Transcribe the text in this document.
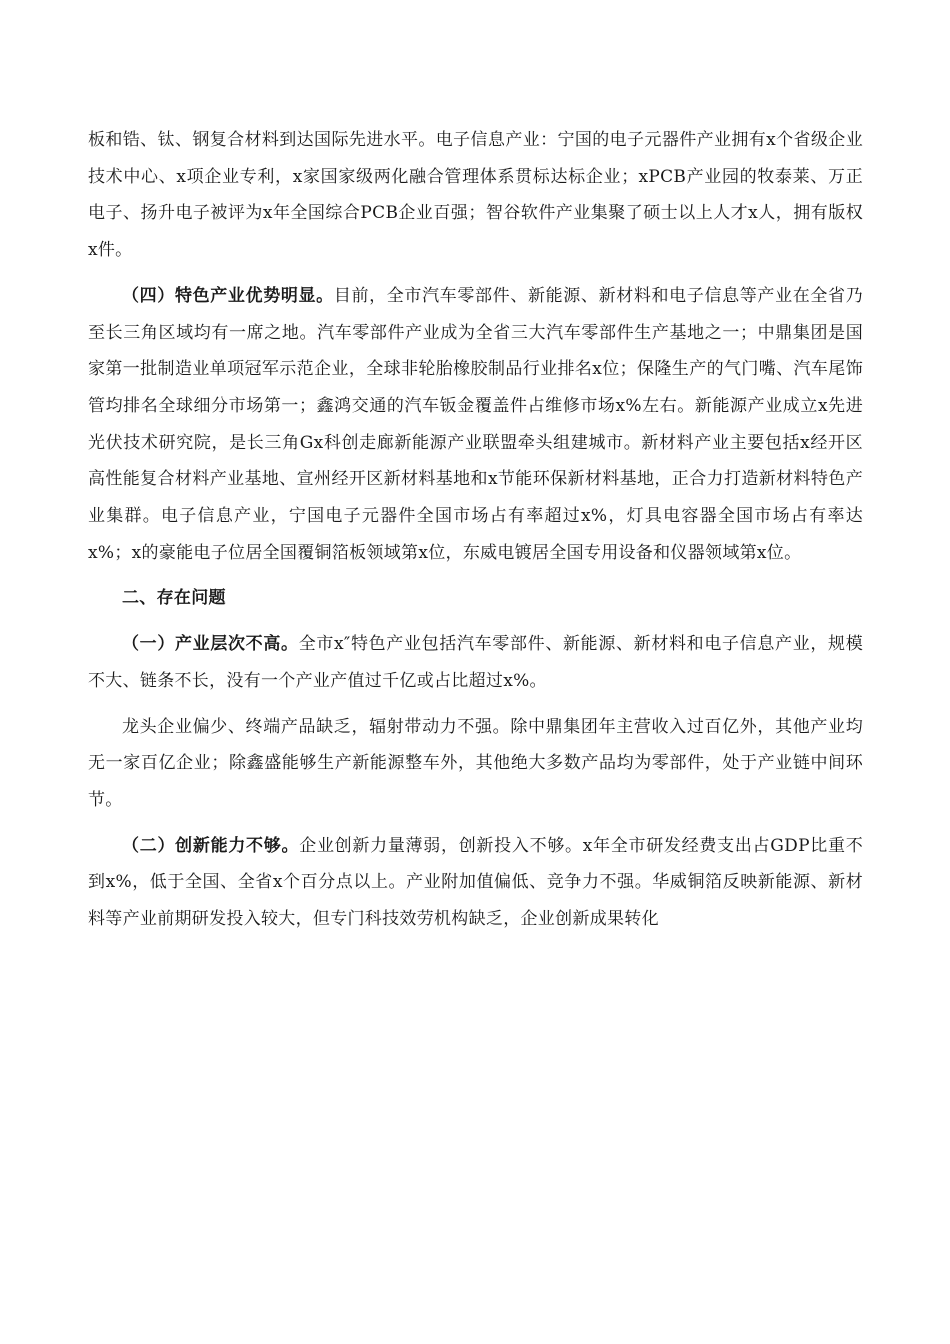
板和锆、钛、钢复合材料到达国际先进水平。电子信息产业：宁国的电子元器件产业拥有x个省级企业技术中心、x项企业专利，x家国家级两化融合管理体系贯标达标企业；xPCB产业园的牧泰莱、万正电子、扬升电子被评为x年全国综合PCB企业百强；智谷软件产业集聚了硕士以上人才x人，拥有版权x件。

（四）特色产业优势明显。目前，全市汽车零部件、新能源、新材料和电子信息等产业在全省乃至长三角区域均有一席之地。汽车零部件产业成为全省三大汽车零部件生产基地之一；中鼎集团是国家第一批制造业单项冠军示范企业，全球非轮胎橡胶制品行业排名x位；保隆生产的气门嘴、汽车尾饰管均排名全球细分市场第一；鑫鸿交通的汽车钣金覆盖件占维修市场x%左右。新能源产业成立x先进光伏技术研究院，是长三角Gx科创走廊新能源产业联盟牵头组建城市。新材料产业主要包括x经开区高性能复合材料产业基地、宣州经开区新材料基地和x节能环保新材料基地，正合力打造新材料特色产业集群。电子信息产业，宁国电子元器件全国市场占有率超过x%，灯具电容器全国市场占有率达x%；x的豪能电子位居全国覆铜箔板领域第x位，东威电镀居全国专用设备和仪器领域第x位。

二、存在问题

（一）产业层次不高。全市x″特色产业包括汽车零部件、新能源、新材料和电子信息产业，规模不大、链条不长，没有一个产业产值过千亿或占比超过x%。

龙头企业偏少、终端产品缺乏，辐射带动力不强。除中鼎集团年主营收入过百亿外，其他产业均无一家百亿企业；除鑫盛能够生产新能源整车外，其他绝大多数产品均为零部件，处于产业链中间环节。

（二）创新能力不够。企业创新力量薄弱，创新投入不够。x年全市研发经费支出占GDP比重不到x%，低于全国、全省x个百分点以上。产业附加值偏低、竞争力不强。华威铜箔反映新能源、新材料等产业前期研发投入较大，但专门科技效劳机构缺乏，企业创新成果转化
